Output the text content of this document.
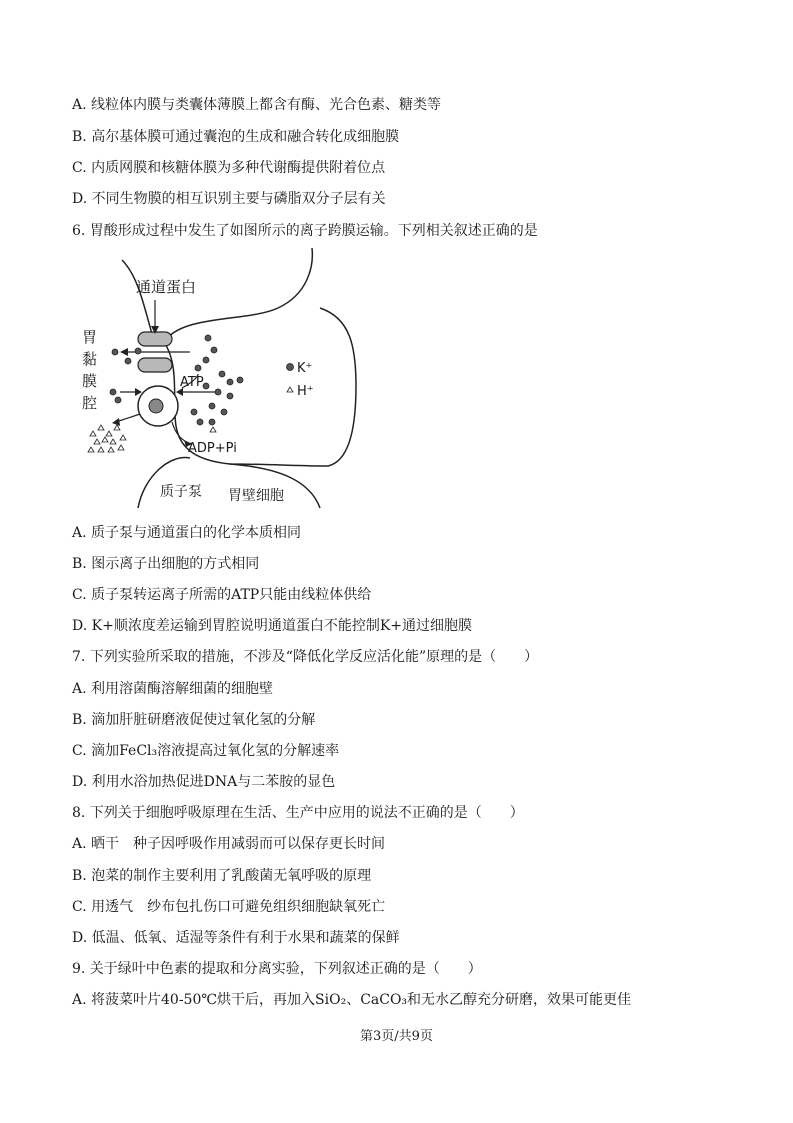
A. 线粒体内膜与类囊体薄膜上都含有酶、光合色素、糖类等
B. 高尔基体膜可通过囊泡的生成和融合转化成细胞膜
C. 内质网膜和核糖体膜为多种代谢酶提供附着位点
D. 不同生物膜的相互识别主要与磷脂双分子层有关
6. 胃酸形成过程中发生了如图所示的离子跨膜运输。下列相关叙述正确的是
通道蛋白
胃
黏
膜
腔
ATP
ADP+Pi
质子泵 胃壁细胞
K⁺
H⁺
A. 质子泵与通道蛋白的化学本质相同
B. 图示离子出细胞的方式相同
C. 质子泵转运离子所需的ATP只能由线粒体供给
D. K+顺浓度差运输到胃腔说明通道蛋白不能控制K+通过细胞膜
7. 下列实验所采取的措施，不涉及“降低化学反应活化能”原理的是（　　）
A. 利用溶菌酶溶解细菌的细胞壁
B. 滴加肝脏研磨液促使过氧化氢的分解
C. 滴加FeCl₃溶液提高过氧化氢的分解速率
D. 利用水浴加热促进DNA与二苯胺的显色
8. 下列关于细胞呼吸原理在生活、生产中应用的说法不正确的是（　　）
A. 晒干　种子因呼吸作用减弱而可以保存更长时间
B. 泡菜的制作主要利用了乳酸菌无氧呼吸的原理
C. 用透气　纱布包扎伤口可避免组织细胞缺氧死亡
D. 低温、低氧、适湿等条件有利于水果和蔬菜的保鲜
9. 关于绿叶中色素的提取和分离实验，下列叙述正确的是（　　）
A. 将菠菜叶片40-50℃烘干后，再加入SiO₂、CaCO₃和无水乙醇充分研磨，效果可能更佳
第3页/共9页
